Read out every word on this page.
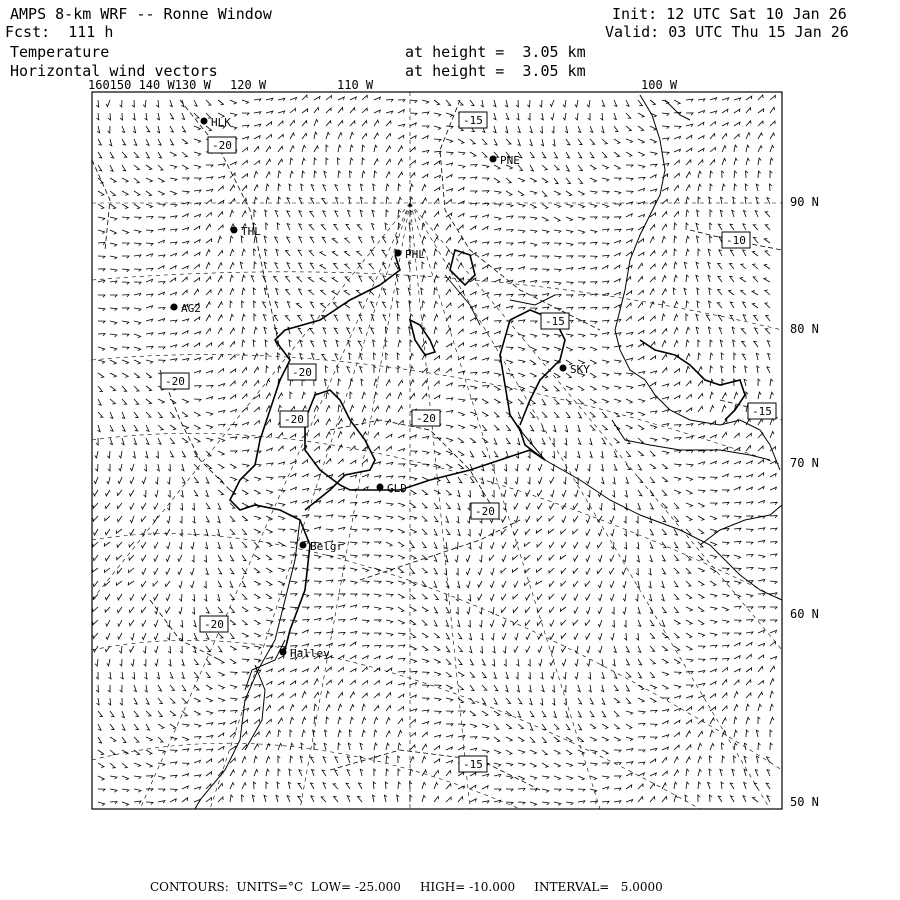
AMPS 8-km WRF -- Ronne Window	Init: 12 UTC Sat 10 Jan 26
Fcst:  111 h	Valid: 03 UTC Thu 15 Jan 26
Temperature
Horizontal wind vectors
at height =  3.05 km
at height =  3.05 km
HLK
PNE
THL
PHL
AG2
SKY
GLD
Belgr
Halley
-15
-20
-10
-15
-20
-20
-20	-20
-15
-20
-20
-15
160150 140 W130 W 120 W	110 W	100 W
90 N
80 N
70 N
60 N
50 N
CONTOURS:  UNITS=°C  LOW= -25.000     HIGH= -10.000     INTERVAL=   5.0000
